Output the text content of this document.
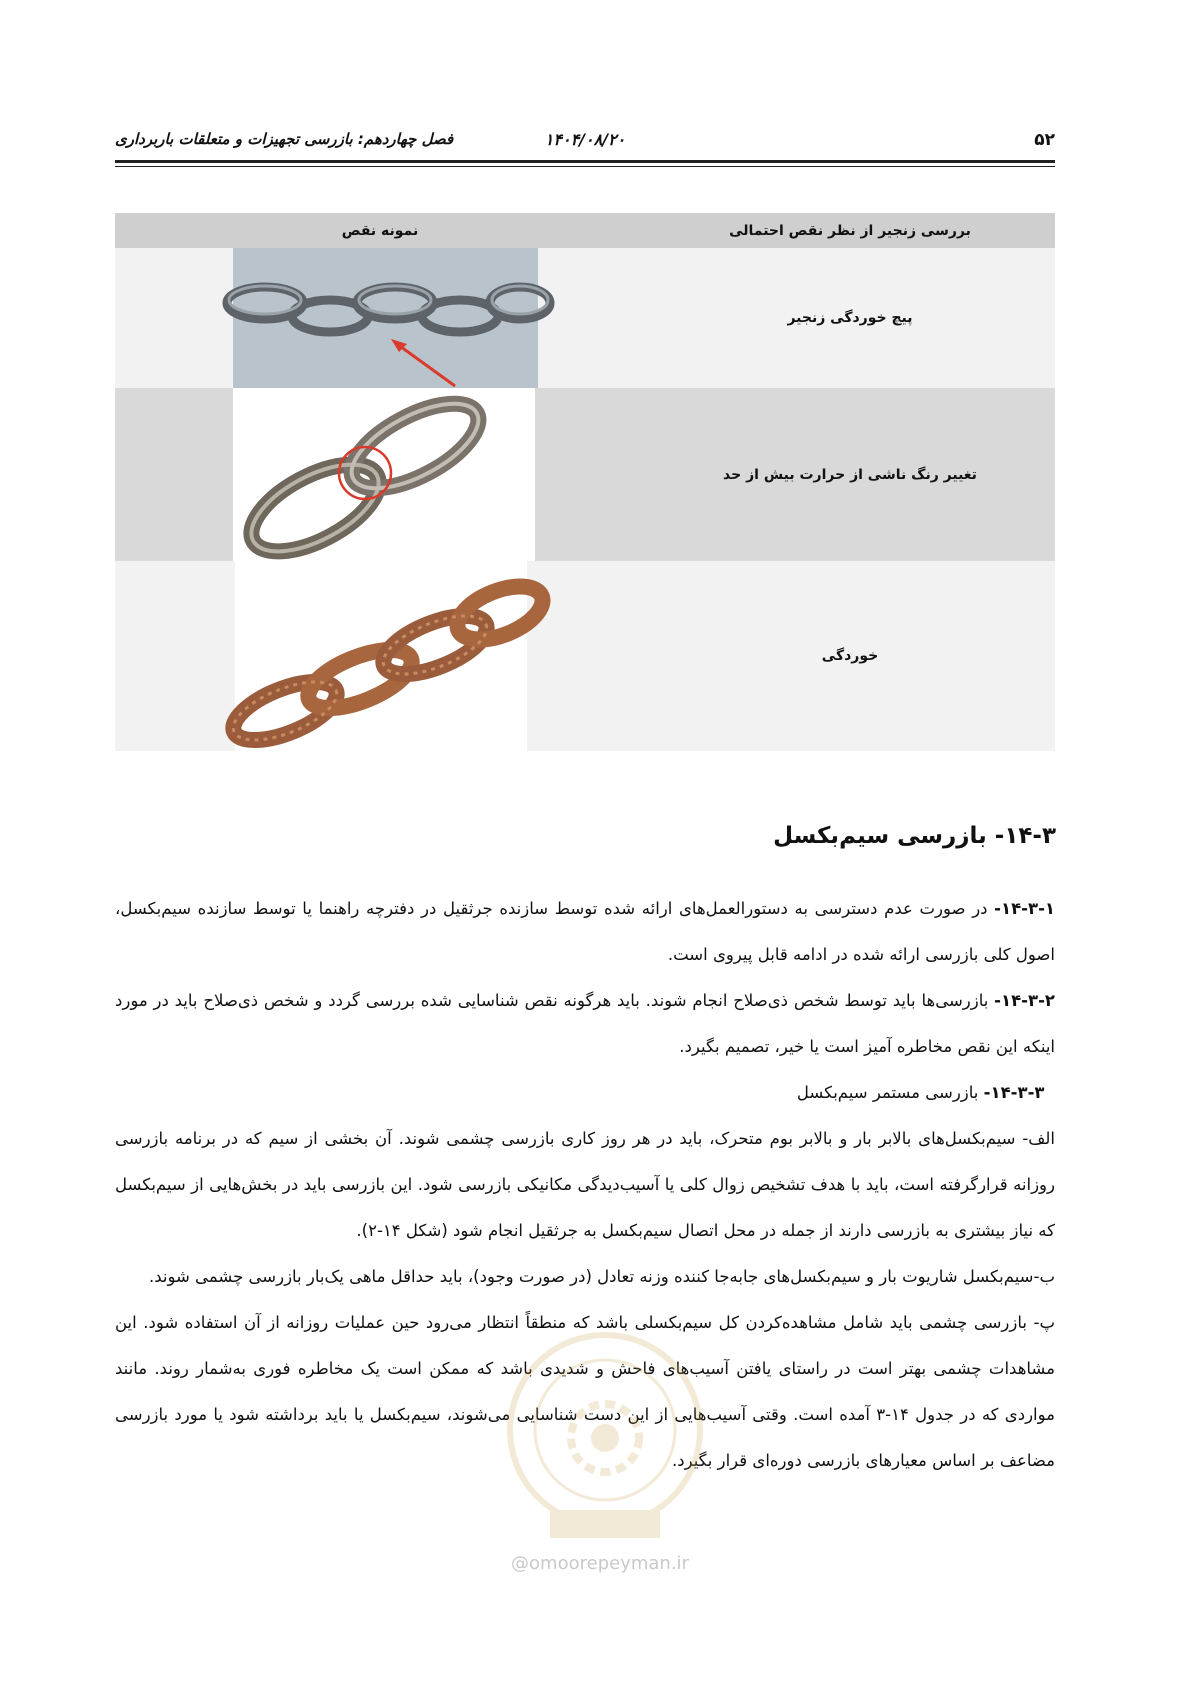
۵۲
۱۴۰۴/۰۸/۲۰
فصل چهاردهم: بازرسی تجهیزات و متعلقات باربرداری
بررسی زنجیر از نظر نقص احتمالی	نمونه نقص
پیچ خوردگی زنجیر	

تغییر رنگ ناشی از حرارت بیش از حد	

خوردگی	
۱۴-۳- بازرسی سیم‌بکسل

۱۴-۳-۱- در صورت عدم دسترسی به دستورالعمل‌های ارائه شده توسط سازنده جرثقیل در دفترچه راهنما یا توسط سازنده سیم‌بکسل، اصول کلی بازرسی ارائه شده در ادامه قابل پیروی است.

۱۴-۳-۲- بازرسی‌ها باید توسط شخص ذی‌صلاح انجام شوند. باید هرگونه نقص شناسایی شده بررسی گردد و شخص ذی‌صلاح باید در مورد اینکه این نقص مخاطره آمیز است یا خیر، تصمیم بگیرد.

۱۴-۳-۳- بازرسی مستمر سیم‌بکسل

الف- سیم‌بکسل‌های بالابر بار و بالابر بوم متحرک، باید در هر روز کاری بازرسی چشمی شوند. آن بخشی از سیم که در برنامه بازرسی روزانه قرارگرفته است، باید با هدف تشخیص زوال کلی یا آسیب‌دیدگی مکانیکی بازرسی شود. این بازرسی باید در بخش‌هایی از سیم‌بکسل که نیاز بیشتری به بازرسی دارند از جمله در محل اتصال سیم‌بکسل به جرثقیل انجام شود (شکل ۱۴-۲).

ب-سیم‌بکسل شاریوت بار و سیم‌بکسل‌های جابه‌جا کننده وزنه تعادل (در صورت وجود)، باید حداقل ماهی یک‌بار بازرسی چشمی شوند.

پ- بازرسی چشمی باید شامل مشاهده‌کردن کل سیم‌بکسلی باشد که منطقاً انتظار می‌رود حین عملیات روزانه از آن استفاده شود. این مشاهدات چشمی بهتر است در راستای یافتن آسیب‌های فاحش و شدیدی باشد که ممکن است یک مخاطره فوری به‌شمار روند. مانند مواردی که در جدول ۱۴-۳ آمده است. وقتی آسیب‌هایی از این دست شناسایی می‌شوند، سیم‌بکسل یا باید برداشته شود یا مورد بازرسی مضاعف بر اساس معیارهای بازرسی دوره‌ای قرار بگیرد.

@omoorepeyman.ir
